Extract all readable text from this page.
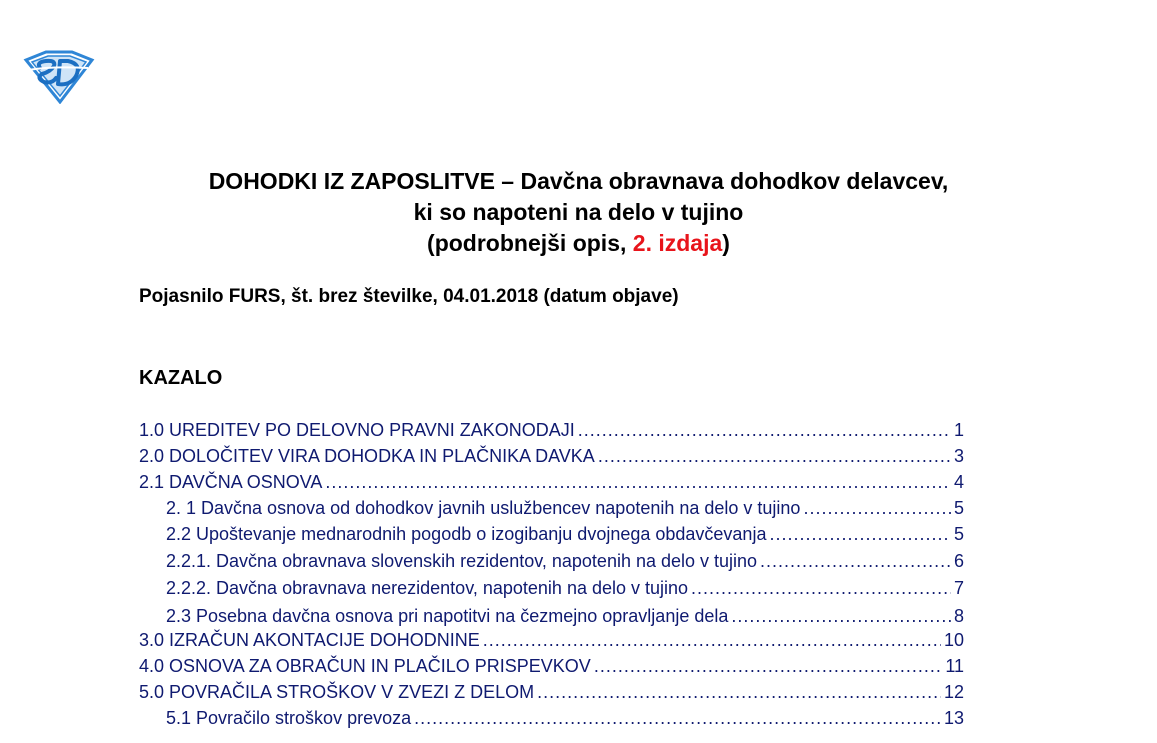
DOHODKI IZ ZAPOSLITVE – Davčna obravnava dohodkov delavcev,
ki so napoteni na delo v tujino
(podrobnejši opis, 2. izdaja)
Pojasnilo FURS, št. brez številke, 04.01.2018 (datum objave)
KAZALO
1.0 UREDITEV PO DELOVNO PRAVNI ZAKONODAJI .....	1
2.0 DOLOČITEV VIRA DOHODKA IN PLAČNIKA DAVKA .....	3
2.1 DAVČNA OSNOVA .....	4
2. 1 Davčna osnova od dohodkov javnih uslužbencev napotenih na delo v tujino .....	5
2.2 Upoštevanje mednarodnih pogodb o izogibanju dvojnega obdavčevanja .....	5
2.2.1. Davčna obravnava slovenskih rezidentov, napotenih na delo v tujino .....	6
2.2.2. Davčna obravnava nerezidentov, napotenih na delo v tujino .....	7
2.3 Posebna davčna osnova pri napotitvi na čezmejno opravljanje dela .....	8
3.0 IZRAČUN AKONTACIJE DOHODNINE .....	10
4.0 OSNOVA ZA OBRAČUN IN PLAČILO PRISPEVKOV .....	11
5.0 POVRAČILA STROŠKOV V ZVEZI Z DELOM .....	12
5.1 Povračilo stroškov prevoza .....	13
